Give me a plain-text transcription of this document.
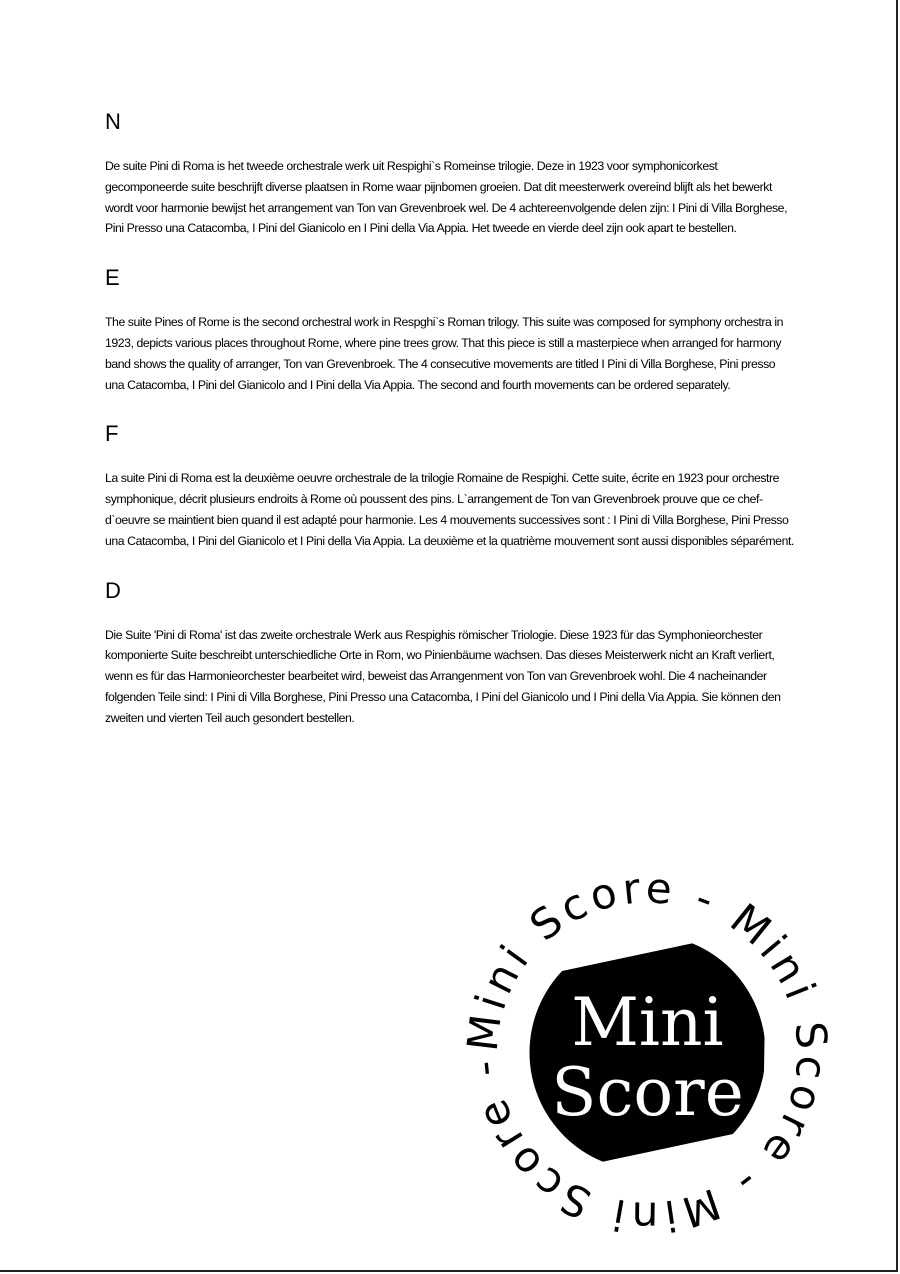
N

De suite Pini di Roma is het tweede orchestrale werk uit Respighi`s Romeinse trilogie. Deze in 1923 voor symphonicorkest gecomponeerde suite beschrijft diverse plaatsen in Rome waar pijnbomen groeien. Dat dit meesterwerk overeind blijft als het bewerkt wordt voor harmonie bewijst het arrangement van Ton van Grevenbroek wel. De 4 achtereenvolgende delen zijn: I Pini di Villa Borghese, Pini Presso una Catacomba, I Pini del Gianicolo en I Pini della Via Appia. Het tweede en vierde deel zijn ook apart te bestellen.

E

The suite Pines of Rome is the second orchestral work in Respghi`s Roman trilogy. This suite was composed for symphony orchestra in 1923, depicts various places throughout Rome, where pine trees grow. That this piece is still a masterpiece when arranged for harmony band shows the quality of arranger, Ton van Grevenbroek. The 4 consecutive movements are titled I Pini di Villa Borghese, Pini presso una Catacomba, I Pini del Gianicolo and I Pini della Via Appia. The second and fourth movements can be ordered separately.

F

La suite Pini di Roma est la deuxième oeuvre orchestrale de la trilogie Romaine de Respighi. Cette suite, écrite en 1923 pour orchestre symphonique, décrit plusieurs endroits à Rome où poussent des pins. L`arrangement de Ton van Grevenbroek prouve que ce chef-d`oeuvre se maintient bien quand il est adapté pour harmonie. Les 4 mouvements successives sont : I Pini di Villa Borghese, Pini Presso una Catacomba, I Pini del Gianicolo et I Pini della Via Appia. La deuxième et la quatrième mouvement sont aussi disponibles séparément.

D

Die Suite 'Pini di Roma' ist das zweite orchestrale Werk aus Respighis römischer Triologie. Diese 1923 für das Symphonieorchester komponierte Suite beschreibt unterschiedliche Orte in Rom, wo Pinienbäume wachsen. Das dieses Meisterwerk nicht an Kraft verliert, wenn es für das Harmonieorchester bearbeitet wird, beweist das Arrangenment von Ton van Grevenbroek wohl. Die 4 nacheinander folgenden Teile sind: I Pini di Villa Borghese, Pini Presso una Catacomba, I Pini del Gianicolo und I Pini della Via Appia. Sie können den zweiten und vierten Teil auch gesondert bestellen.

Mini Score - Mini Score - Mini Score -
Mini
Score
